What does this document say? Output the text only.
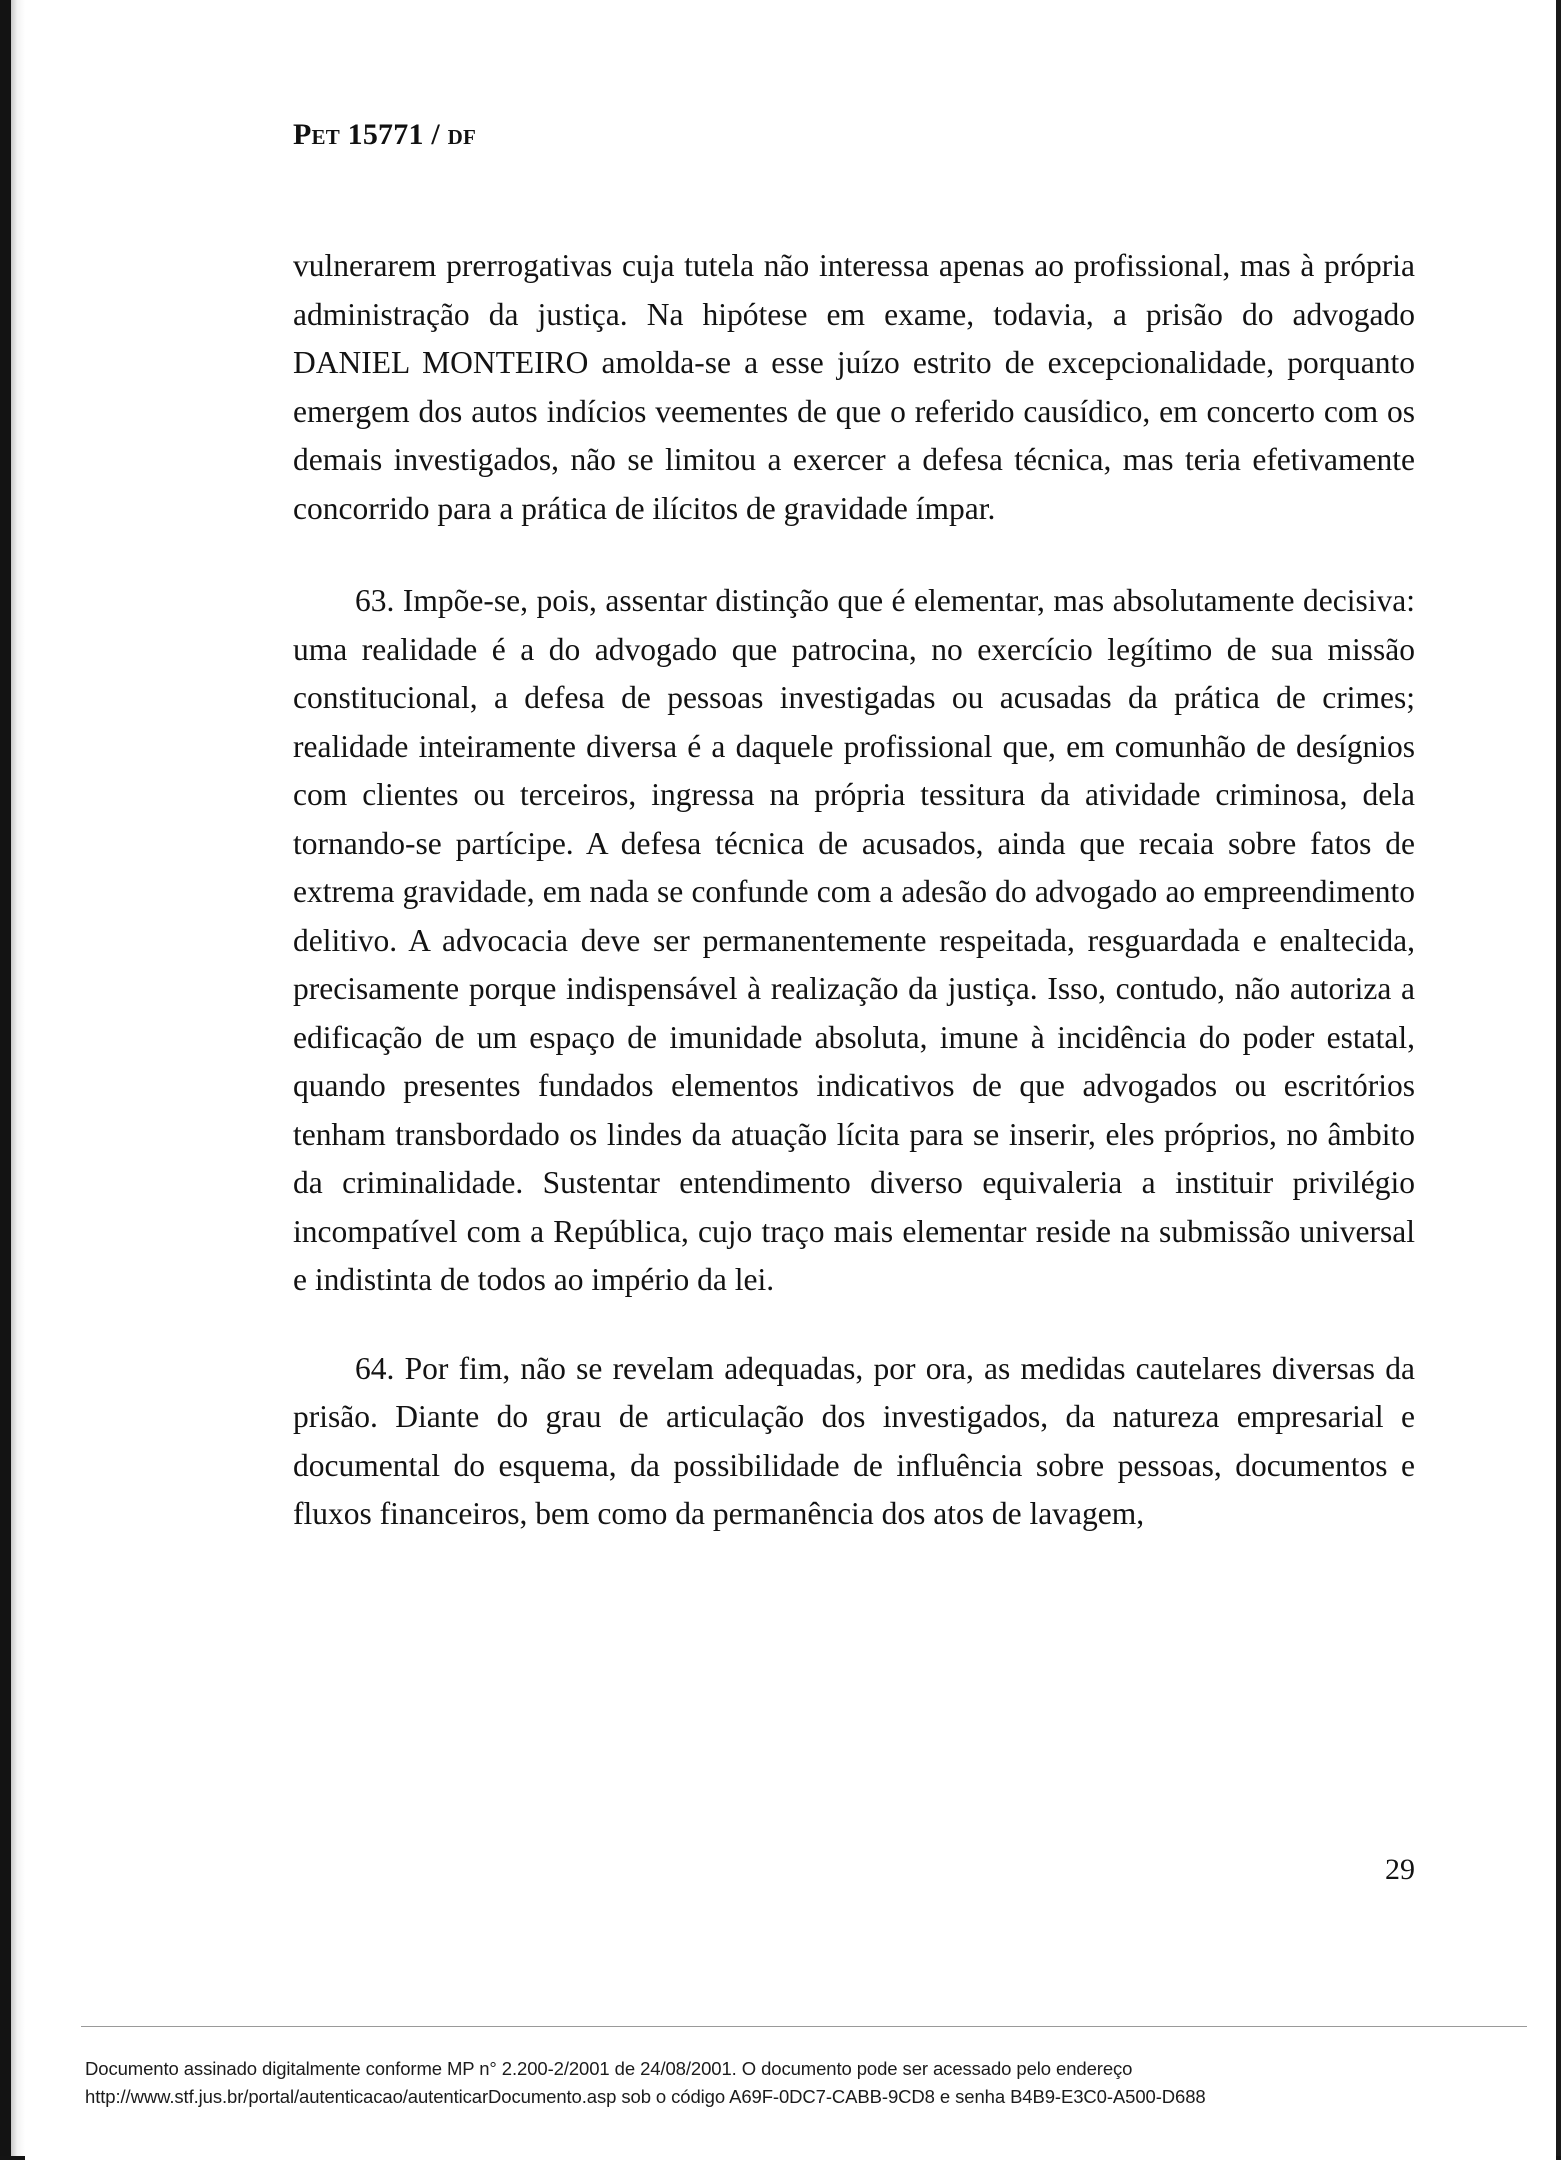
Pet 15771 / df

vulnerarem prerrogativas cuja tutela não interessa apenas ao profissional, mas à própria administração da justiça. Na hipótese em exame, todavia, a prisão do advogado DANIEL MONTEIRO amolda-se a esse juízo estrito de excepcionalidade, porquanto emergem dos autos indícios veementes de que o referido causídico, em concerto com os demais investigados, não se limitou a exercer a defesa técnica, mas teria efetivamente concorrido para a prática de ilícitos de gravidade ímpar.

63. Impõe-se, pois, assentar distinção que é elementar, mas absolutamente decisiva: uma realidade é a do advogado que patrocina, no exercício legítimo de sua missão constitucional, a defesa de pessoas investigadas ou acusadas da prática de crimes; realidade inteiramente diversa é a daquele profissional que, em comunhão de desígnios com clientes ou terceiros, ingressa na própria tessitura da atividade criminosa, dela tornando-se partícipe. A defesa técnica de acusados, ainda que recaia sobre fatos de extrema gravidade, em nada se confunde com a adesão do advogado ao empreendimento delitivo. A advocacia deve ser permanentemente respeitada, resguardada e enaltecida, precisamente porque indispensável à realização da justiça. Isso, contudo, não autoriza a edificação de um espaço de imunidade absoluta, imune à incidência do poder estatal, quando presentes fundados elementos indicativos de que advogados ou escritórios tenham transbordado os lindes da atuação lícita para se inserir, eles próprios, no âmbito da criminalidade. Sustentar entendimento diverso equivaleria a instituir privilégio incompatível com a República, cujo traço mais elementar reside na submissão universal e indistinta de todos ao império da lei.

64. Por fim, não se revelam adequadas, por ora, as medidas cautelares diversas da prisão. Diante do grau de articulação dos investigados, da natureza empresarial e documental do esquema, da possibilidade de influência sobre pessoas, documentos e fluxos financeiros, bem como da permanência dos atos de lavagem,

29
Documento assinado digitalmente conforme MP n° 2.200-2/2001 de 24/08/2001. O documento pode ser acessado pelo endereço
http://www.stf.jus.br/portal/autenticacao/autenticarDocumento.asp sob o código A69F-0DC7-CABB-9CD8 e senha B4B9-E3C0-A500-D688
